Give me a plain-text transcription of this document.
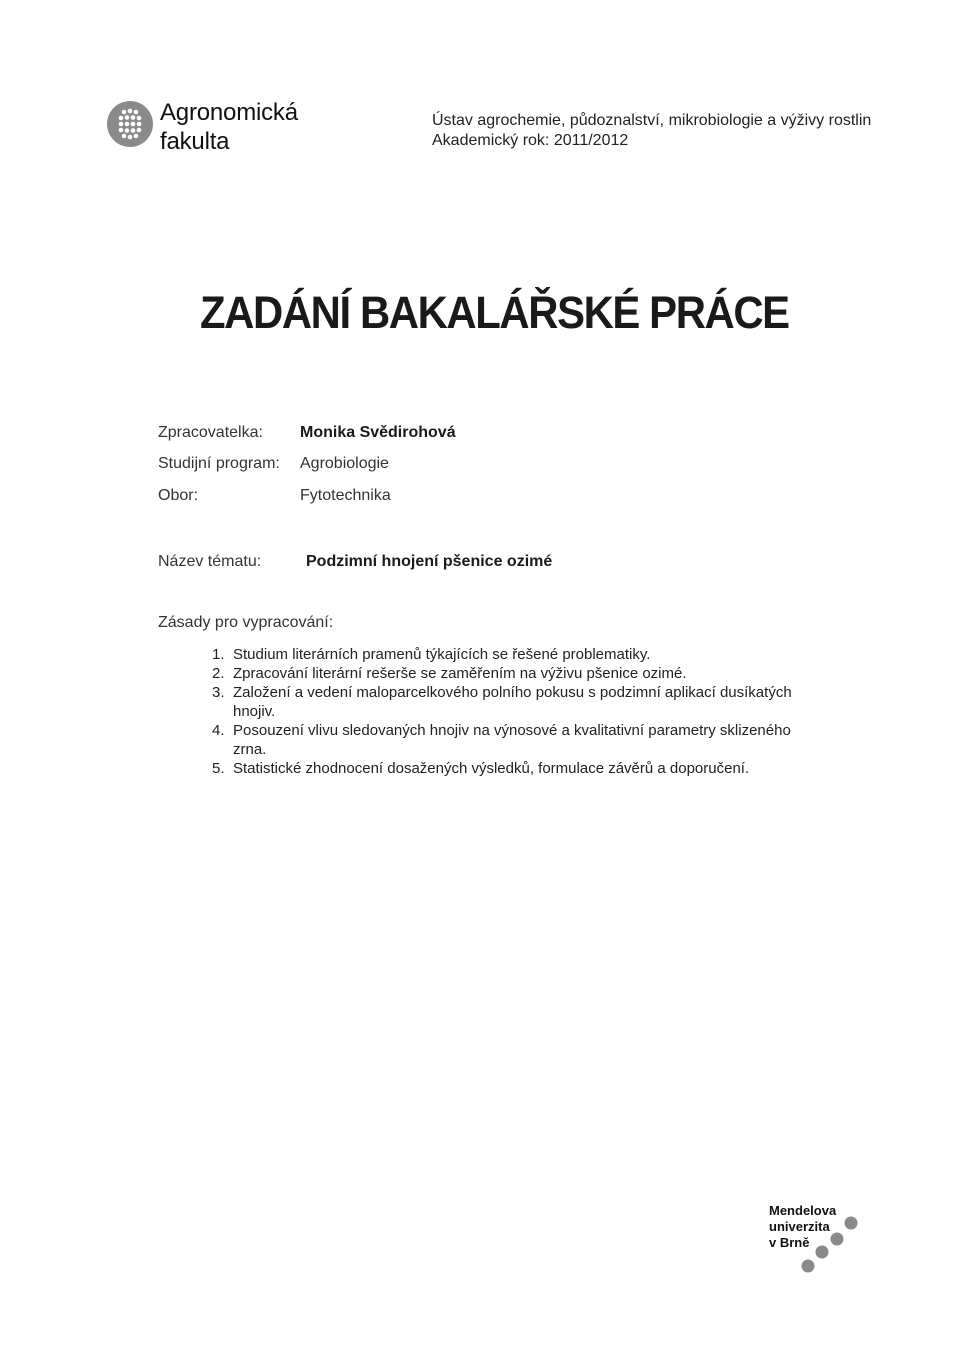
Agronomická
fakulta
Ústav agrochemie, půdoznalství, mikrobiologie a výživy rostlin
Akademický rok: 2011/2012
ZADÁNÍ BAKALÁŘSKÉ PRÁCE
Zpracovatelka: Monika Svědirohová
Studijní program: Agrobiologie
Obor:	Fytotechnika
Název tématu:	Podzimní hnojení pšenice ozimé
Zásady pro vypracování:
1. Studium literárních pramenů týkajících se řešené problematiky.
2. Zpracování literární rešerše se zaměřením na výživu pšenice ozimé.
3. Založení a vedení maloparcelkového polního pokusu s podzimní aplikací dusíkatých hnojiv.
4. Posouzení vlivu sledovaných hnojiv na výnosové a kvalitativní parametry sklizeného zrna.
5. Statistické zhodnocení dosažených výsledků, formulace závěrů a doporučení.
Mendelova
univerzita
v Brně
